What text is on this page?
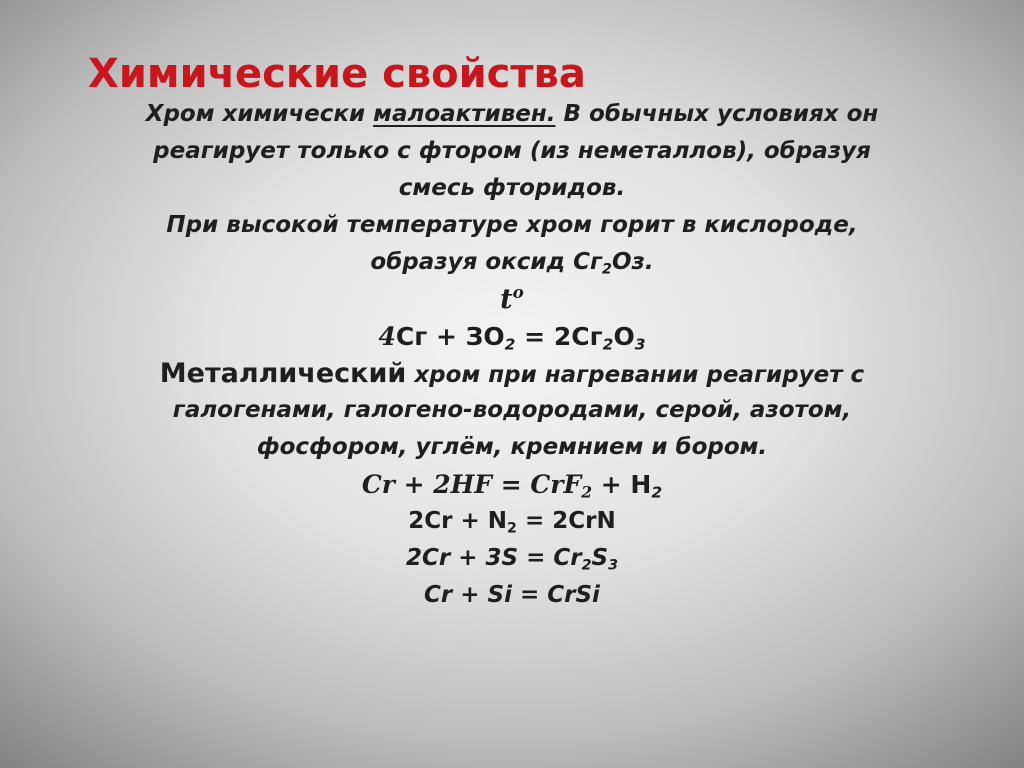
Химические свойства
Хром химически малоактивен. В обычных условиях он
реагирует только с фтором (из неметаллов), образуя
смесь фторидов.
При высокой температуре хром горит в кислороде,
образуя оксид $Сг_2Оз$.
$t^o$
$4Сг + ЗО_2 = 2Сг_2O_3$
Металлический хром при нагревании реагирует с
галогенами, галогено-водородами, серой, азотом,
фосфором, углём, кремнием и бором.
$Cr + 2HF = CrF_2 + H_2$
$2Cr + N_2 = 2CrN$
$2Cr + 3S = Cr_2S_3$
Cr + Si = CrSi
